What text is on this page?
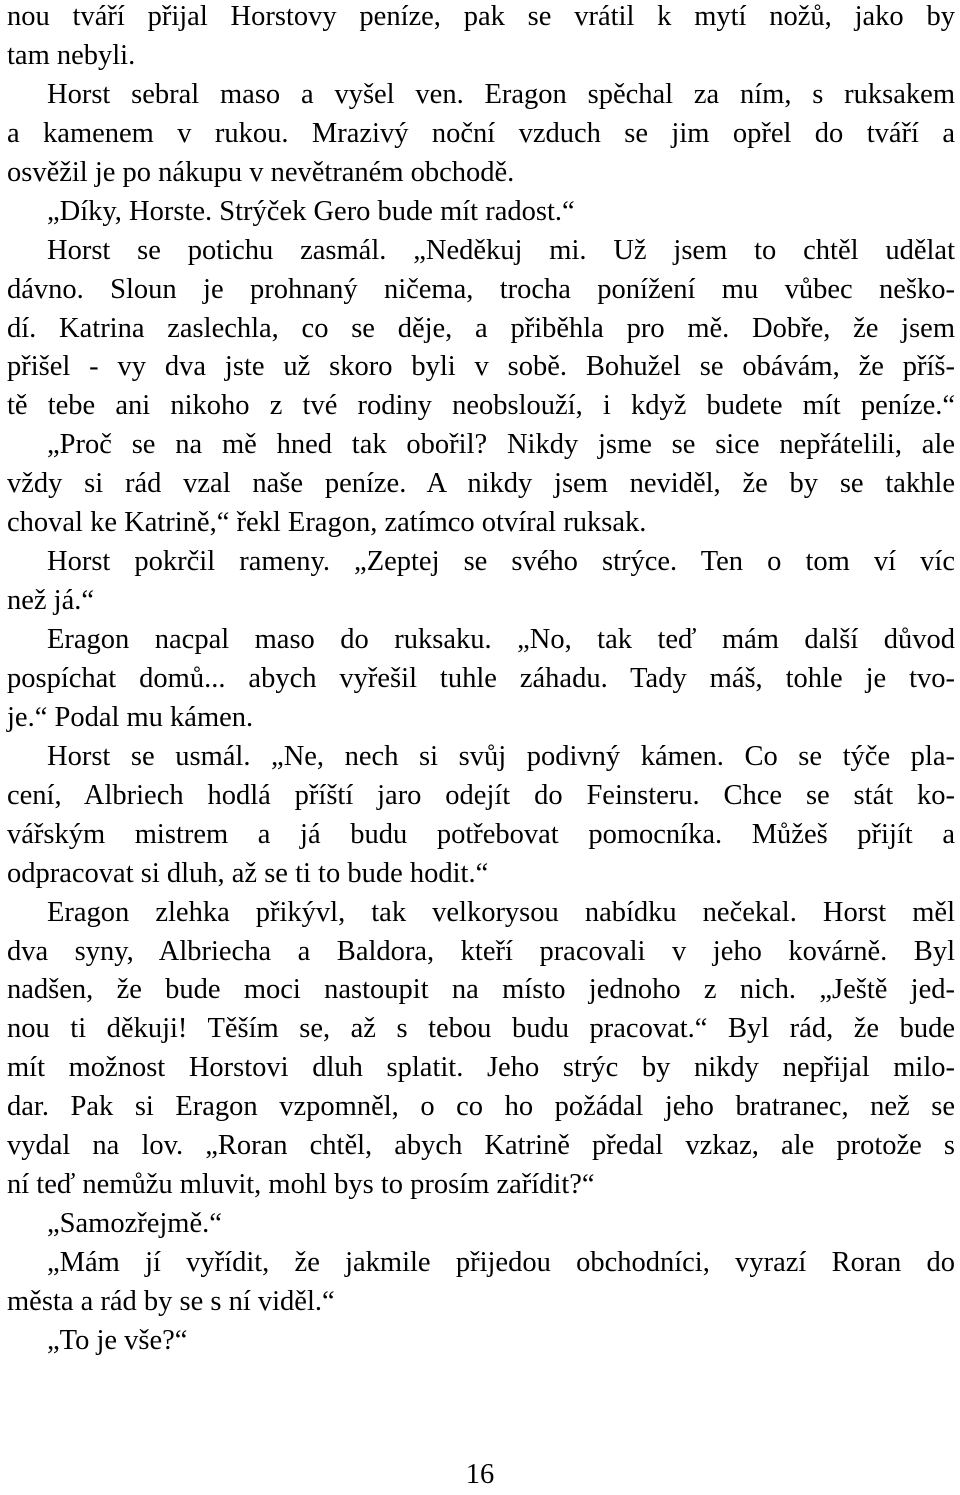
nou tváří přijal Horstovy peníze, pak se vrátil k mytí nožů, jako by
tam nebyli.
Horst sebral maso a vyšel ven. Eragon spěchal za ním, s ruksakem
a kamenem v rukou. Mrazivý noční vzduch se jim opřel do tváří a
osvěžil je po nákupu v nevětraném obchodě.
„Díky, Horste. Strýček Gero bude mít radost.“
Horst se potichu zasmál. „Neděkuj mi. Už jsem to chtěl udělat
dávno. Sloun je prohnaný ničema, trocha ponížení mu vůbec neško-
dí. Katrina zaslechla, co se děje, a přiběhla pro mě. Dobře, že jsem
přišel - vy dva jste už skoro byli v sobě. Bohužel se obávám, že příš-
tě tebe ani nikoho z tvé rodiny neobslouží, i když budete mít peníze.“
„Proč se na mě hned tak obořil? Nikdy jsme se sice nepřátelili, ale
vždy si rád vzal naše peníze. A nikdy jsem neviděl, že by se takhle
choval ke Katrině,“ řekl Eragon, zatímco otvíral ruksak.
Horst pokrčil rameny. „Zeptej se svého strýce. Ten o tom ví víc
než já.“
Eragon nacpal maso do ruksaku. „No, tak teď mám další důvod
pospíchat domů... abych vyřešil tuhle záhadu. Tady máš, tohle je tvo-
je.“ Podal mu kámen.
Horst se usmál. „Ne, nech si svůj podivný kámen. Co se týče pla-
cení, Albriech hodlá příští jaro odejít do Feinsteru. Chce se stát ko-
vářským mistrem a já budu potřebovat pomocníka. Můžeš přijít a
odpracovat si dluh, až se ti to bude hodit.“
Eragon zlehka přikývl, tak velkorysou nabídku nečekal. Horst měl
dva syny, Albriecha a Baldora, kteří pracovali v jeho kovárně. Byl
nadšen, že bude moci nastoupit na místo jednoho z nich. „Ještě jed-
nou ti děkuji! Těším se, až s tebou budu pracovat.“ Byl rád, že bude
mít možnost Horstovi dluh splatit. Jeho strýc by nikdy nepřijal milo-
dar. Pak si Eragon vzpomněl, o co ho požádal jeho bratranec, než se
vydal na lov. „Roran chtěl, abych Katrině předal vzkaz, ale protože s
ní teď nemůžu mluvit, mohl bys to prosím zařídit?“
„Samozřejmě.“
„Mám jí vyřídit, že jakmile přijedou obchodníci, vyrazí Roran do
města a rád by se s ní viděl.“
„To je vše?“
16
